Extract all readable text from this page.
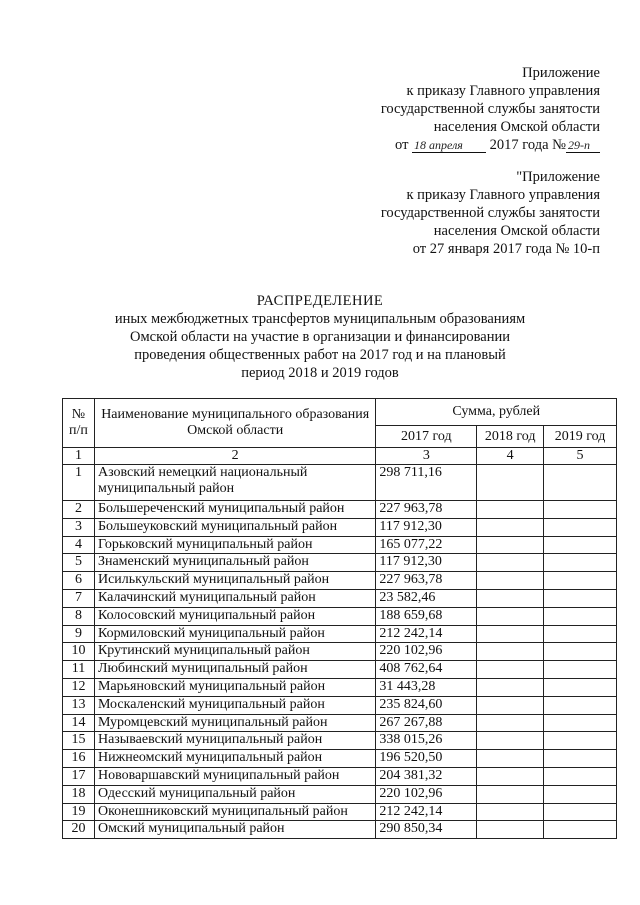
Приложение
к приказу Главного управления
государственной службы занятости
населения Омской области
от 18 апреля 2017 года № 29-п
"Приложение
к приказу Главного управления
государственной службы занятости
населения Омской области
от 27 января 2017 года № 10-п
РАСПРЕДЕЛЕНИЕ
иных межбюджетных трансфертов муниципальным образованиям
Омской области на участие в организации и финансировании
проведения общественных работ на 2017 год и на плановый
период 2018 и 2019 годов
№ п/п	Наименование муниципального образования Омской области	Сумма, рублей		
		2017 год	2018 год	2019 год
1	2	3	4	5
1	Азовский немецкий национальный муниципальный район	298 711,16		
2	Большереченский муниципальный район	227 963,78		
3	Большеуковский муниципальный район	117 912,30		
4	Горьковский муниципальный район	165 077,22		
5	Знаменский муниципальный район	117 912,30		
6	Исилькульский муниципальный район	227 963,78		
7	Калачинский муниципальный район	23 582,46		
8	Колосовский муниципальный район	188 659,68		
9	Кормиловский муниципальный район	212 242,14		
10	Крутинский муниципальный район	220 102,96		
11	Любинский муниципальный район	408 762,64		
12	Марьяновский муниципальный район	31 443,28		
13	Москаленский муниципальный район	235 824,60		
14	Муромцевский муниципальный район	267 267,88		
15	Называевский муниципальный район	338 015,26		
16	Нижнеомский муниципальный район	196 520,50		
17	Нововаршавский муниципальный район	204 381,32		
18	Одесский муниципальный район	220 102,96		
19	Оконешниковский муниципальный район	212 242,14		
20	Омский муниципальный район	290 850,34		
